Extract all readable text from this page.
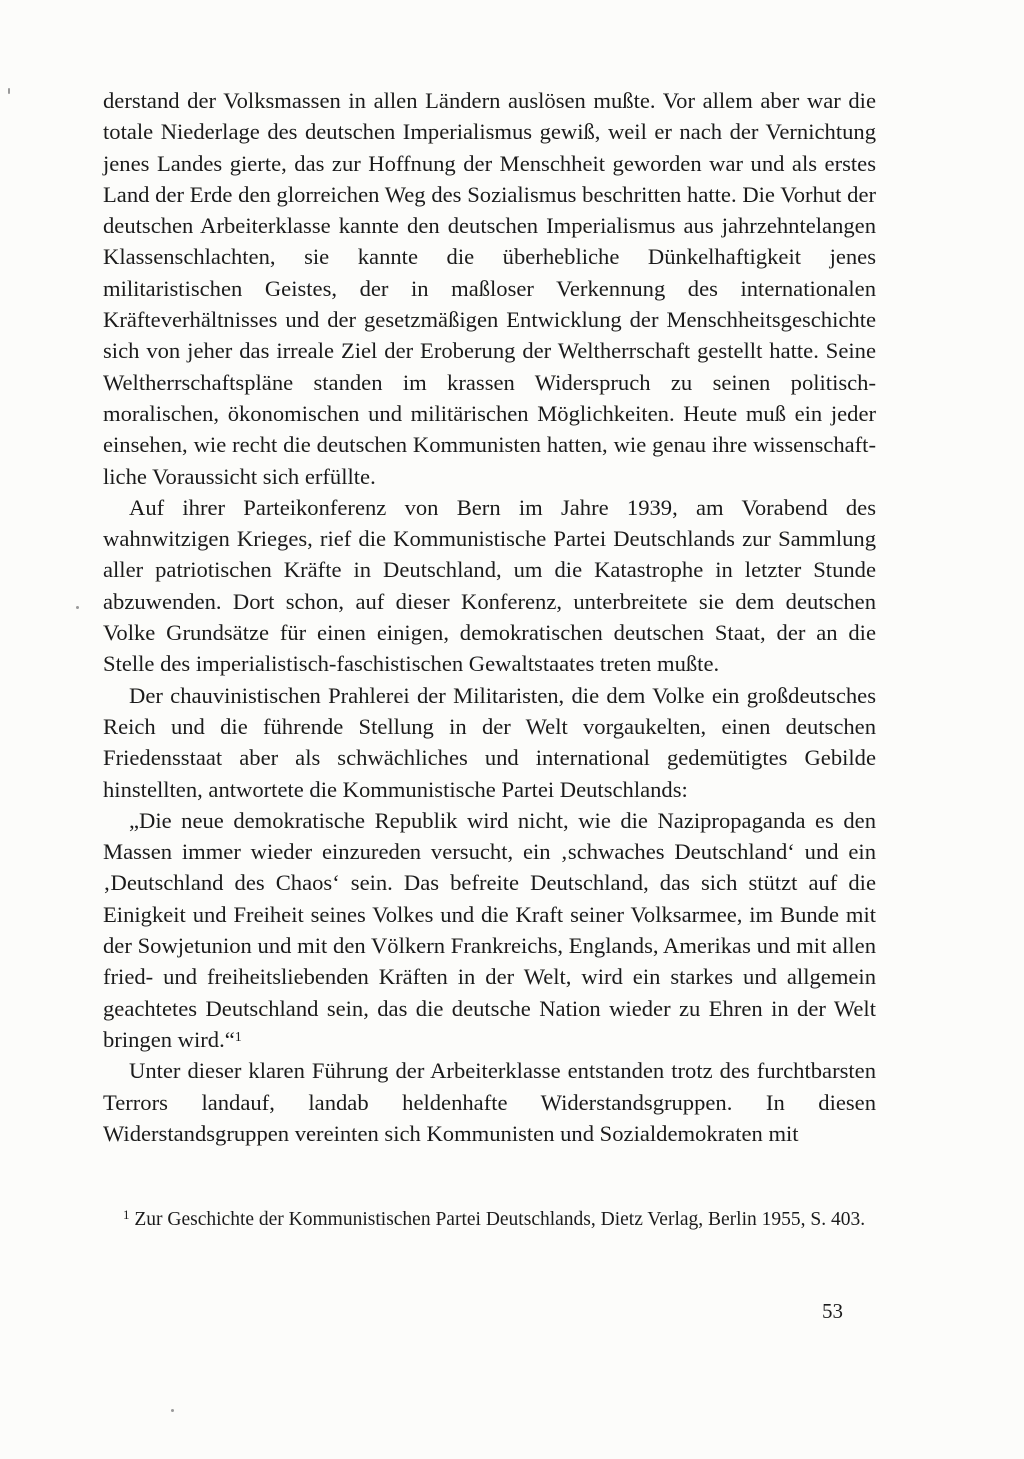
derstand der Volksmassen in allen Ländern auslösen mußte. Vor allem aber war die totale Niederlage des deutschen Imperialismus gewiß, weil er nach der Vernichtung jenes Landes gierte, das zur Hoffnung der Menschheit geworden war und als erstes Land der Erde den glorreichen Weg des Sozialismus beschritten hatte. Die Vorhut der deutschen Arbeiterklasse kannte den deutschen Imperialismus aus jahrzehntelangen Klassenschlachten, sie kannte die überhebliche Dünkelhaftigkeit jenes militaristischen Geistes, der in maßloser Verkennung des internationalen Kräfteverhältnisses und der gesetzmäßigen Entwicklung der Menschheitsgeschichte sich von jeher das irreale Ziel der Eroberung der Weltherrschaft gestellt hatte. Seine Weltherrschaftspläne standen im krassen Widerspruch zu seinen politisch-moralischen, ökonomischen und militärischen Möglichkeiten. Heute muß ein jeder einsehen, wie recht die deutschen Kommunisten hatten, wie genau ihre wissenschaftliche Voraussicht sich erfüllte.

Auf ihrer Parteikonferenz von Bern im Jahre 1939, am Vorabend des wahnwitzigen Krieges, rief die Kommunistische Partei Deutschlands zur Sammlung aller patriotischen Kräfte in Deutschland, um die Katastrophe in letzter Stunde abzuwenden. Dort schon, auf dieser Konferenz, unterbreitete sie dem deutschen Volke Grundsätze für einen einigen, demokratischen deutschen Staat, der an die Stelle des imperialistisch-faschistischen Gewaltstaates treten mußte.

Der chauvinistischen Prahlerei der Militaristen, die dem Volke ein großdeutsches Reich und die führende Stellung in der Welt vorgaukelten, einen deutschen Friedensstaat aber als schwächliches und international gedemütigtes Gebilde hinstellten, antwortete die Kommunistische Partei Deutschlands:

„Die neue demokratische Republik wird nicht, wie die Nazipropaganda es den Massen immer wieder einzureden versucht, ein ‚schwaches Deutschland‘ und ein ‚Deutschland des Chaos‘ sein. Das befreite Deutschland, das sich stützt auf die Einigkeit und Freiheit seines Volkes und die Kraft seiner Volksarmee, im Bunde mit der Sowjetunion und mit den Völkern Frankreichs, Englands, Amerikas und mit allen fried- und freiheitsliebenden Kräften in der Welt, wird ein starkes und allgemein geachtetes Deutschland sein, das die deutsche Nation wieder zu Ehren in der Welt bringen wird.“$^1$

Unter dieser klaren Führung der Arbeiterklasse entstanden trotz des furchtbarsten Terrors landauf, landab heldenhafte Widerstandsgruppen. In diesen Widerstandsgruppen vereinten sich Kommunisten und Sozialdemokraten mit

$^1$ Zur Geschichte der Kommunistischen Partei Deutschlands, Dietz Verlag, Berlin 1955, S. 403.

53
